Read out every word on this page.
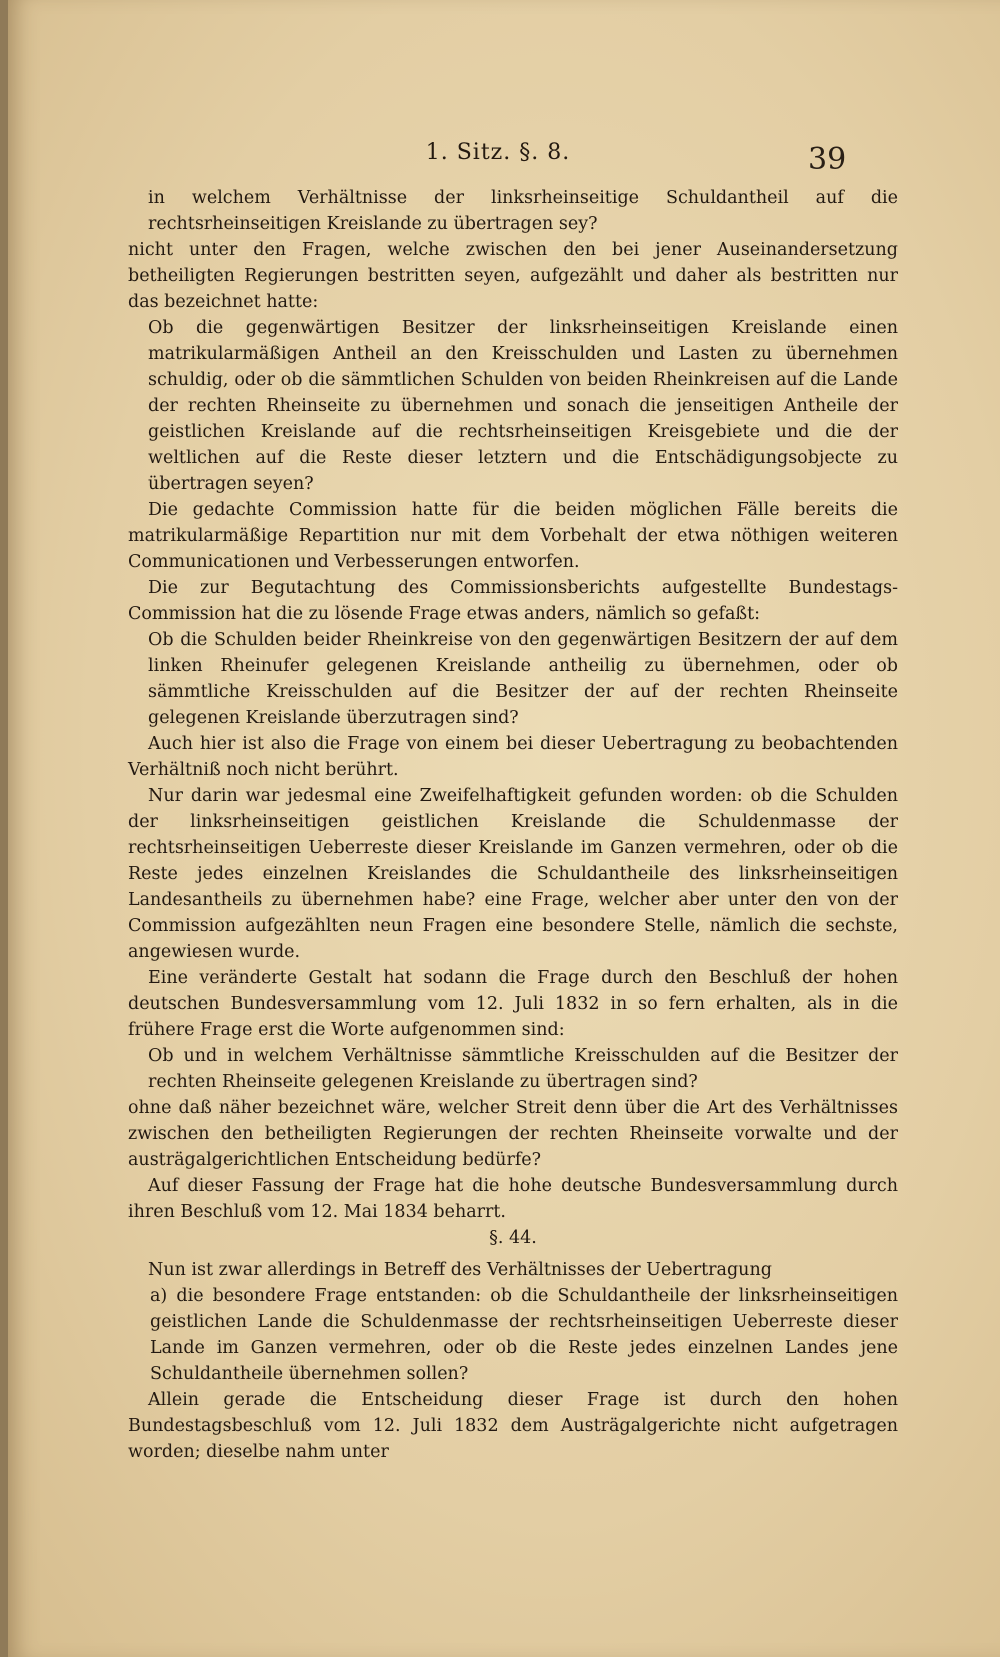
1. Sitz. §. 8.	39

in welchem Verhältnisse der linksrheinseitige Schuldantheil auf die rechtsrheinseitigen Kreislande zu übertragen sey?

nicht unter den Fragen, welche zwischen den bei jener Auseinandersetzung betheiligten Regierungen bestritten seyen, aufgezählt und daher als bestritten nur das bezeichnet hatte:

Ob die gegenwärtigen Besitzer der linksrheinseitigen Kreislande einen matrikularmäßigen Antheil an den Kreisschulden und Lasten zu übernehmen schuldig, oder ob die sämmtlichen Schulden von beiden Rheinkreisen auf die Lande der rechten Rheinseite zu übernehmen und sonach die jenseitigen Antheile der geistlichen Kreislande auf die rechtsrheinseitigen Kreisgebiete und die der weltlichen auf die Reste dieser letztern und die Entschädigungsobjecte zu übertragen seyen?

Die gedachte Commission hatte für die beiden möglichen Fälle bereits die matrikularmäßige Repartition nur mit dem Vorbehalt der etwa nöthigen weiteren Communicationen und Verbesserungen entworfen.

Die zur Begutachtung des Commissionsberichts aufgestellte Bundestags-Commission hat die zu lösende Frage etwas anders, nämlich so gefaßt:

Ob die Schulden beider Rheinkreise von den gegenwärtigen Besitzern der auf dem linken Rheinufer gelegenen Kreislande antheilig zu übernehmen, oder ob sämmtliche Kreisschulden auf die Besitzer der auf der rechten Rheinseite gelegenen Kreislande überzutragen sind?

Auch hier ist also die Frage von einem bei dieser Uebertragung zu beobachtenden Verhältniß noch nicht berührt.

Nur darin war jedesmal eine Zweifelhaftigkeit gefunden worden: ob die Schulden der linksrheinseitigen geistlichen Kreislande die Schuldenmasse der rechtsrheinseitigen Ueberreste dieser Kreislande im Ganzen vermehren, oder ob die Reste jedes einzelnen Kreislandes die Schuldantheile des linksrheinseitigen Landesantheils zu übernehmen habe? eine Frage, welcher aber unter den von der Commission aufgezählten neun Fragen eine besondere Stelle, nämlich die sechste, angewiesen wurde.

Eine veränderte Gestalt hat sodann die Frage durch den Beschluß der hohen deutschen Bundesversammlung vom 12. Juli 1832 in so fern erhalten, als in die frühere Frage erst die Worte aufgenommen sind:

Ob und in welchem Verhältnisse sämmtliche Kreisschulden auf die Besitzer der rechten Rheinseite gelegenen Kreislande zu übertragen sind?

ohne daß näher bezeichnet wäre, welcher Streit denn über die Art des Verhältnisses zwischen den betheiligten Regierungen der rechten Rheinseite vorwalte und der austrägalgerichtlichen Entscheidung bedürfe?

Auf dieser Fassung der Frage hat die hohe deutsche Bundesversammlung durch ihren Beschluß vom 12. Mai 1834 beharrt.

§. 44.

Nun ist zwar allerdings in Betreff des Verhältnisses der Uebertragung

a) die besondere Frage entstanden: ob die Schuldantheile der linksrheinseitigen geistlichen Lande die Schuldenmasse der rechtsrheinseitigen Ueberreste dieser Lande im Ganzen vermehren, oder ob die Reste jedes einzelnen Landes jene Schuldantheile übernehmen sollen?

Allein gerade die Entscheidung dieser Frage ist durch den hohen Bundestagsbeschluß vom 12. Juli 1832 dem Austrägalgerichte nicht aufgetragen worden; dieselbe nahm unter
